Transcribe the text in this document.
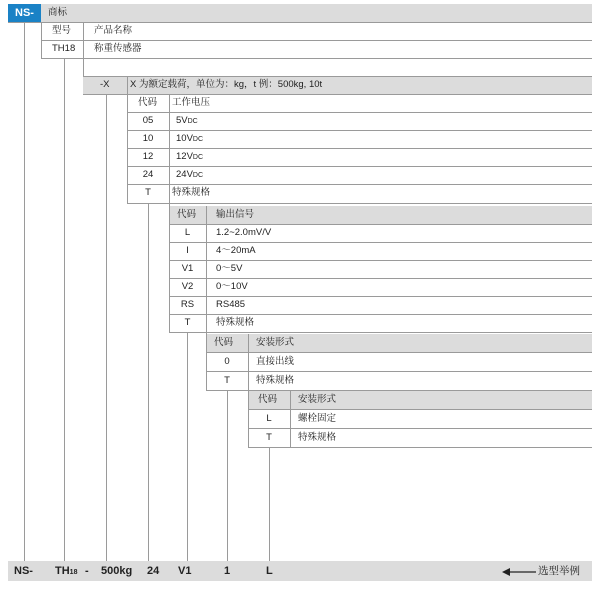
NS-	商标
型号 产品名称
TH18 称重传感器
-X X 为额定载荷，单位为：kg，t 例：500kg, 10t
代码 工作电压
05	5VDC
10	10VDC
12	12VDC
24	24VDC
T	特殊规格
代码 输出信号
L	1.2~2.0mV/V
I	4～20mA
V1	0～5V
V2	0～10V
RS	RS485
T	特殊规格
代码 安装形式
0	直接出线
T	特殊规格
代码 安装形式
L	螺栓固定
T	特殊规格
NS- TH18 - 500kg 24 V1	1	L	选型举例
